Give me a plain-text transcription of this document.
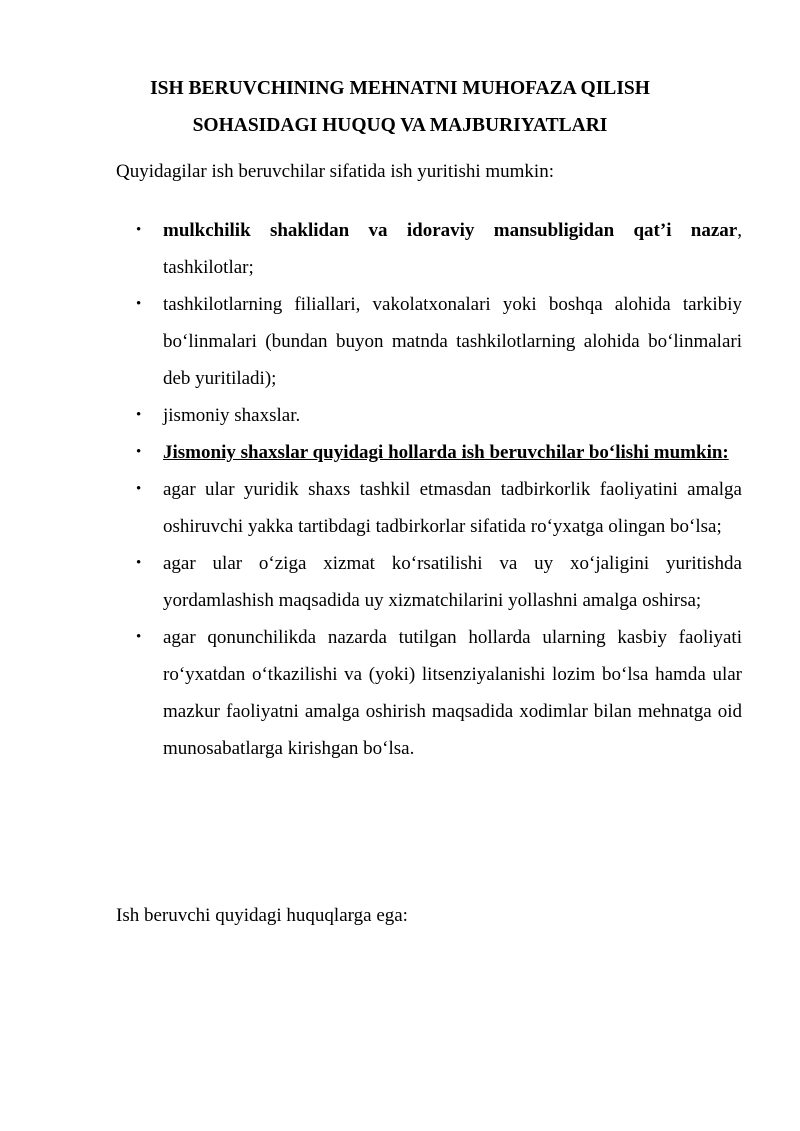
ISH BERUVCHINING MEHNATNI MUHOFAZA QILISH
SOHASIDAGI HUQUQ VA MAJBURIYATLARI
Quyidagilar ish beruvchilar sifatida ish yuritishi mumkin:
• mulkchilik shaklidan va idoraviy mansubligidan qat’i nazar, tashkilotlar;
• tashkilotlarning filiallari, vakolatxonalari yoki boshqa alohida tarkibiy bo‘linmalari (bundan buyon matnda tashkilotlarning alohida bo‘linmalari deb yuritiladi);
• jismoniy shaxslar.
• Jismoniy shaxslar quyidagi hollarda ish beruvchilar bo‘lishi mumkin:
• agar ular yuridik shaxs tashkil etmasdan tadbirkorlik faoliyatini amalga oshiruvchi yakka tartibdagi tadbirkorlar sifatida ro‘yxatga olingan bo‘lsa;
• agar ular o‘ziga xizmat ko‘rsatilishi va uy xo‘jaligini yuritishda yordamlashish maqsadida uy xizmatchilarini yollashni amalga oshirsa;
• agar qonunchilikda nazarda tutilgan hollarda ularning kasbiy faoliyati ro‘yxatdan o‘tkazilishi va (yoki) litsenziyalanishi lozim bo‘lsa hamda ular mazkur faoliyatni amalga oshirish maqsadida xodimlar bilan mehnatga oid munosabatlarga kirishgan bo‘lsa.
Ish beruvchi quyidagi huquqlarga ega:
